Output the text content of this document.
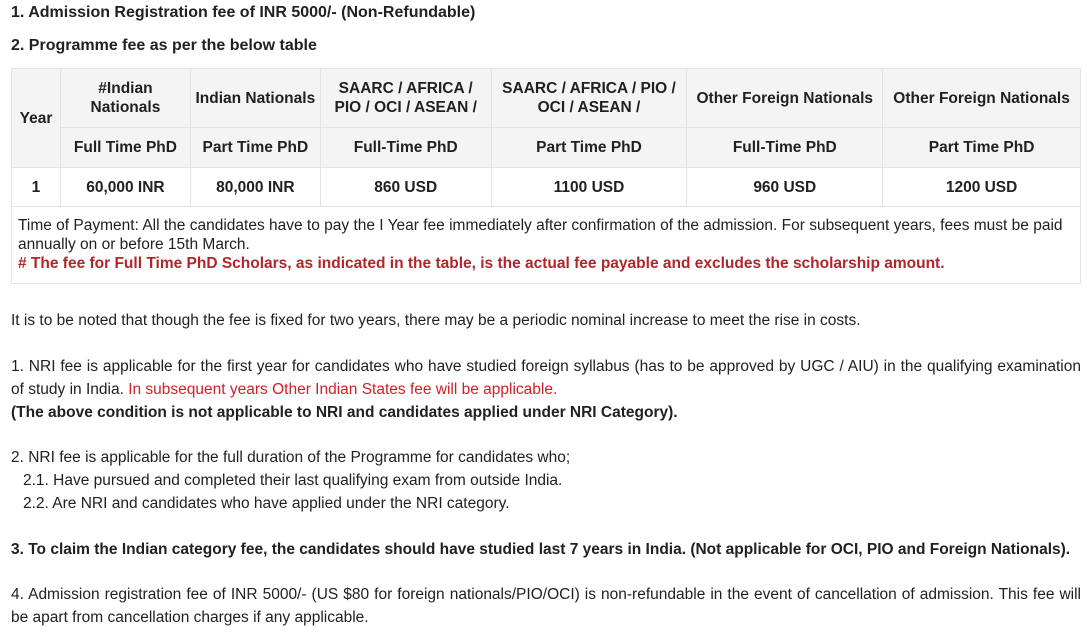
1. Admission Registration fee of INR 5000/- (Non-Refundable)
2. Programme fee as per the below table
Year	#Indian Nationals	Indian Nationals	SAARC / AFRICA / PIO / OCI / ASEAN /	SAARC / AFRICA / PIO / OCI / ASEAN /	Other Foreign Nationals	Other Foreign Nationals
	Full Time PhD	Part Time PhD	Full-Time PhD	Part Time PhD	Full-Time PhD	Part Time PhD
1	60,000 INR	80,000 INR	860 USD	1100 USD	960 USD	1200 USD

Time of Payment: All the candidates have to pay the I Year fee immediately after confirmation of the admission. For subsequent years, fees must be paid annually on or before 15th March.
# The fee for Full Time PhD Scholars, as indicated in the table, is the actual fee payable and excludes the scholarship amount.						
It is to be noted that though the fee is fixed for two years, there may be a periodic nominal increase to meet the rise in costs.
1. NRI fee is applicable for the first year for candidates who have studied foreign syllabus (has to be approved by UGC / AIU) in the qualifying examination of study in India. In subsequent years Other Indian States fee will be applicable.
(The above condition is not applicable to NRI and candidates applied under NRI Category).
2. NRI fee is applicable for the full duration of the Programme for candidates who;
2.1. Have pursued and completed their last qualifying exam from outside India.
2.2. Are NRI and candidates who have applied under the NRI category.
3. To claim the Indian category fee, the candidates should have studied last 7 years in India. (Not applicable for OCI, PIO and Foreign Nationals).
4. Admission registration fee of INR 5000/- (US $80 for foreign nationals/PIO/OCI) is non-refundable in the event of cancellation of admission. This fee will be apart from cancellation charges if any applicable.
